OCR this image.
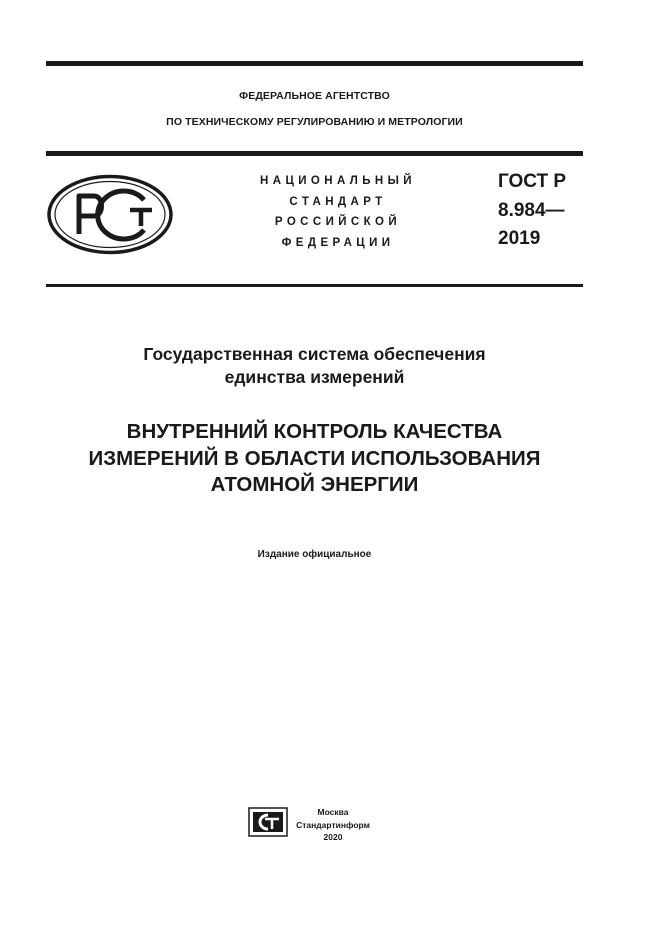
ФЕДЕРАЛЬНОЕ АГЕНТСТВО
ПО ТЕХНИЧЕСКОМУ РЕГУЛИРОВАНИЮ И МЕТРОЛОГИИ
НАЦИОНАЛЬНЫЙ
СТАНДАРТ
РОССИЙСКОЙ
ФЕДЕРАЦИИ
ГОСТ Р
8.984—
2019
Государственная система обеспечения
единства измерений
ВНУТРЕННИЙ КОНТРОЛЬ КАЧЕСТВА
ИЗМЕРЕНИЙ В ОБЛАСТИ ИСПОЛЬЗОВАНИЯ
АТОМНОЙ ЭНЕРГИИ
Издание официальное
Москва
Стандартинформ
2020
